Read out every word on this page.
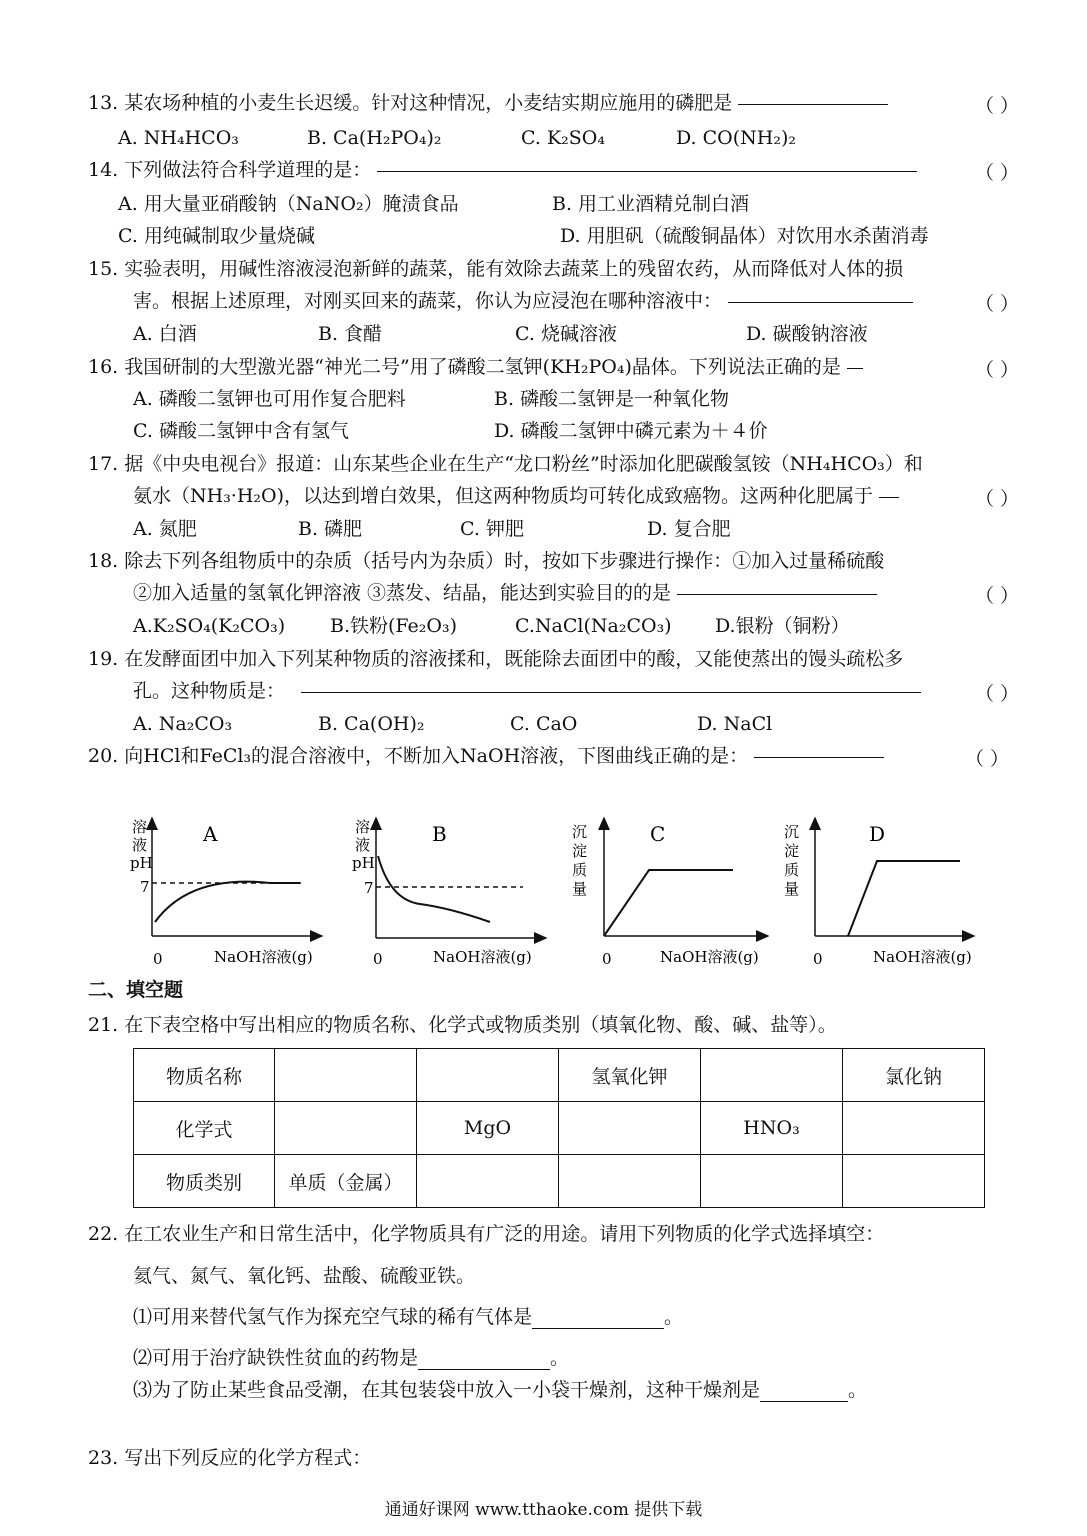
13. 某农场种植的小麦生长迟缓。针对这种情况，小麦结实期应施用的磷肥是	（ ）
A. NH₄HCO₃	B. Ca(H₂PO₄)₂	C. K₂SO₄	D. CO(NH₂)₂
14. 下列做法符合科学道理的是：	（ ）
A. 用大量亚硝酸钠（NaNO₂）腌渍食品	B. 用工业酒精兑制白酒
C. 用纯碱制取少量烧碱	D. 用胆矾（硫酸铜晶体）对饮用水杀菌消毒
15. 实验表明，用碱性溶液浸泡新鲜的蔬菜，能有效除去蔬菜上的残留农药，从而降低对人体的损
害。根据上述原理，对刚买回来的蔬菜，你认为应浸泡在哪种溶液中：	（ ）
A. 白酒	B. 食醋	C. 烧碱溶液	D. 碳酸钠溶液
16. 我国研制的大型激光器“神光二号”用了磷酸二氢钾(KH₂PO₄)晶体。下列说法正确的是	（ ）
A. 磷酸二氢钾也可用作复合肥料	B. 磷酸二氢钾是一种氧化物
C. 磷酸二氢钾中含有氢气	D. 磷酸二氢钾中磷元素为＋４价
17. 据《中央电视台》报道：山东某些企业在生产“龙口粉丝”时添加化肥碳酸氢铵（NH₄HCO₃）和
氨水（NH₃·H₂O)，以达到增白效果，但这两种物质均可转化成致癌物。这两种化肥属于	（ ）
A. 氮肥	B. 磷肥	C. 钾肥	D. 复合肥
18. 除去下列各组物质中的杂质（括号内为杂质）时，按如下步骤进行操作：①加入过量稀硫酸
②加入适量的氢氧化钾溶液 ③蒸发、结晶，能达到实验目的的是	（ ）
A.K₂SO₄(K₂CO₃) B.铁粉(Fe₂O₃)	C.NaCl(Na₂CO₃) D.银粉（铜粉）
19. 在发酵面团中加入下列某种物质的溶液揉和，既能除去面团中的酸，又能使蒸出的馒头疏松多
孔。这种物质是：	（ ）
A. Na₂CO₃	B. Ca(OH)₂	C. CaO	D. NaCl
20. 向HCl和FeCl₃的混合溶液中，不断加入NaOH溶液，下图曲线正确的是：	（ ）
A
溶
液
pH
7
0	NaOH溶液(g)
B
溶
液
pH
7
0	NaOH溶液(g)
C
沉
淀
质
量
0	NaOH溶液(g)
D
沉
淀
质
量
0	NaOH溶液(g)
二、填空题
21. 在下表空格中写出相应的物质名称、化学式或物质类别（填氧化物、酸、碱、盐等）。
物质名称			氢氧化钾		氯化钠
化学式		MgO		HNO₃	
物质类别	单质（金属）				
22. 在工农业生产和日常生活中，化学物质具有广泛的用途。请用下列物质的化学式选择填空：
氦气、氮气、氧化钙、盐酸、硫酸亚铁。
⑴可用来替代氢气作为探充空气球的稀有气体是	。
⑵可用于治疗缺铁性贫血的药物是	。
⑶为了防止某些食品受潮，在其包装袋中放入一小袋干燥剂，这种干燥剂是	。
23. 写出下列反应的化学方程式：
通通好课网 www.tthaoke.com 提供下载
